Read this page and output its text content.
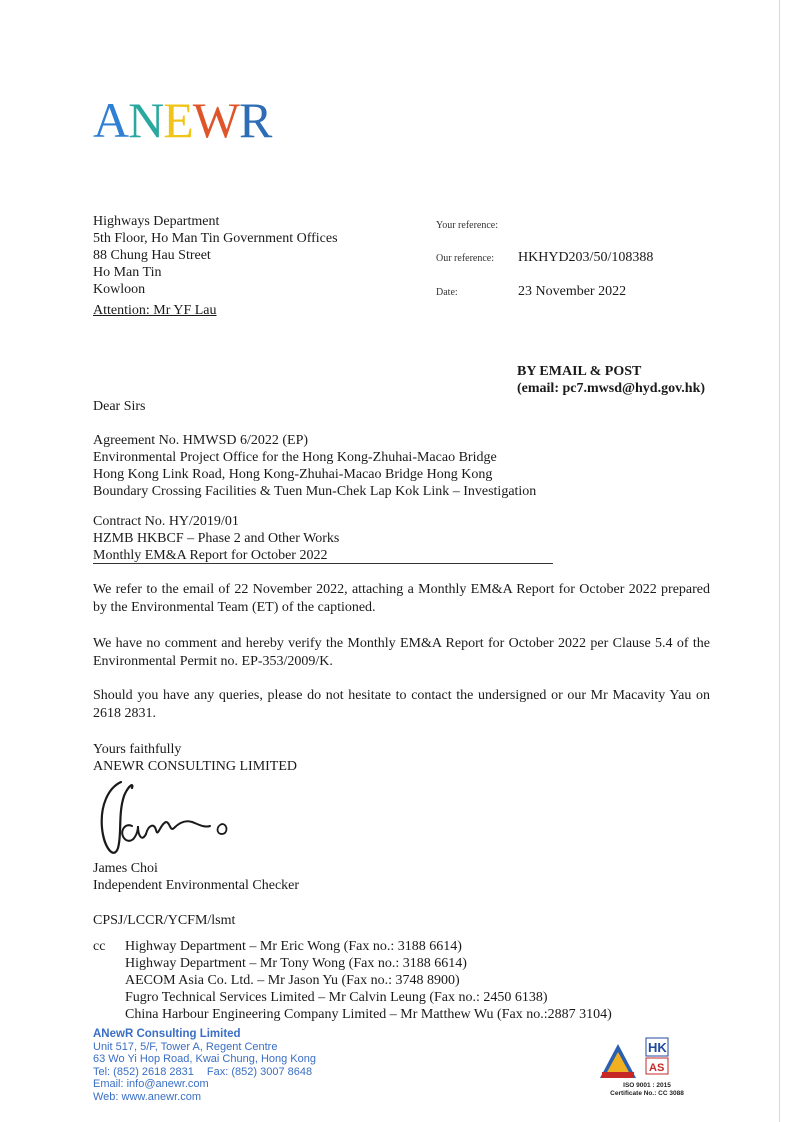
ANEWR
Highways Department
5th Floor, Ho Man Tin Government Offices
88 Chung Hau Street
Ho Man Tin
Kowloon
Attention: Mr YF Lau
Your reference:
Our reference: HKHYD203/50/108388
Date:	23 November 2022
BY EMAIL & POST
(email: pc7.mwsd@hyd.gov.hk)
Dear Sirs
Agreement No. HMWSD 6/2022 (EP)
Environmental Project Office for the Hong Kong-Zhuhai-Macao Bridge
Hong Kong Link Road, Hong Kong-Zhuhai-Macao Bridge Hong Kong
Boundary Crossing Facilities & Tuen Mun-Chek Lap Kok Link – Investigation
Contract No. HY/2019/01
HZMB HKBCF – Phase 2 and Other Works
Monthly EM&A Report for October 2022
We refer to the email of 22 November 2022, attaching a Monthly EM&A Report for October 2022 prepared by the Environmental Team (ET) of the captioned.
We have no comment and hereby verify the Monthly EM&A Report for October 2022 per Clause 5.4 of the Environmental Permit no. EP-353/2009/K.
Should you have any queries, please do not hesitate to contact the undersigned or our Mr Macavity Yau on 2618 2831.
Yours faithfully
ANEWR CONSULTING LIMITED
James Choi
Independent Environmental Checker
CPSJ/LCCR/YCFM/lsmt
cc Highway Department – Mr Eric Wong (Fax no.: 3188 6614)
Highway Department – Mr Tony Wong (Fax no.: 3188 6614)
AECOM Asia Co. Ltd. – Mr Jason Yu (Fax no.: 3748 8900)
Fugro Technical Services Limited – Mr Calvin Leung (Fax no.: 2450 6138)
China Harbour Engineering Company Limited – Mr Matthew Wu (Fax no.:2887 3104)
ANewR Consulting Limited
Unit 517, 5/F, Tower A, Regent Centre
63 Wo Yi Hop Road, Kwai Chung, Hong Kong
Tel: (852) 2618 2831 Fax: (852) 3007 8648
Email: info@anewr.com
Web: www.anewr.com
HK
AS
ISO 9001 : 2015
Certificate No.: CC 3088
